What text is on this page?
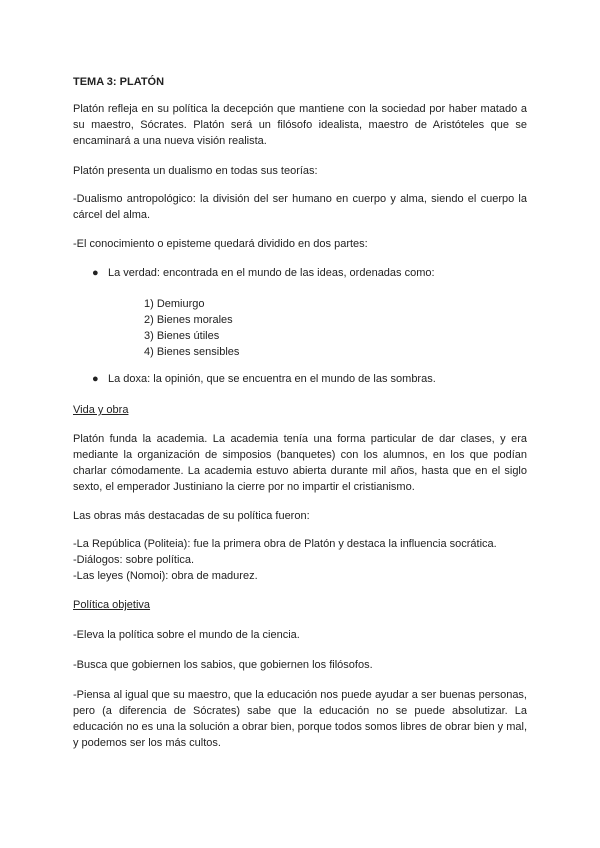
TEMA 3: PLATÓN

Platón refleja en su política la decepción que mantiene con la sociedad por haber matado a su maestro, Sócrates. Platón será un filósofo idealista, maestro de Aristóteles que se encaminará a una nueva visión realista.

Platón presenta un dualismo en todas sus teorías:

-Dualismo antropológico: la división del ser humano en cuerpo y alma, siendo el cuerpo la cárcel del alma.

-El conocimiento o episteme quedará dividido en dos partes:

● La verdad: encontrada en el mundo de las ideas, ordenadas como:
1) Demiurgo
2) Bienes morales
3) Bienes útiles
4) Bienes sensibles
● La doxa: la opinión, que se encuentra en el mundo de las sombras.

Vida y obra

Platón funda la academia. La academia tenía una forma particular de dar clases, y era mediante la organización de simposios (banquetes) con los alumnos, en los que podían charlar cómodamente. La academia estuvo abierta durante mil años, hasta que en el siglo sexto, el emperador Justiniano la cierre por no impartir el cristianismo.

Las obras más destacadas de su política fueron:

-La República (Politeia): fue la primera obra de Platón y destaca la influencia socrática.
-Diálogos: sobre política.
-Las leyes (Nomoi): obra de madurez.

Política objetiva

-Eleva la política sobre el mundo de la ciencia.

-Busca que gobiernen los sabios, que gobiernen los filósofos.

-Piensa al igual que su maestro, que la educación nos puede ayudar a ser buenas personas, pero (a diferencia de Sócrates) sabe que la educación no se puede absolutizar. La educación no es una la solución a obrar bien, porque todos somos libres de obrar bien y mal, y podemos ser los más cultos.
